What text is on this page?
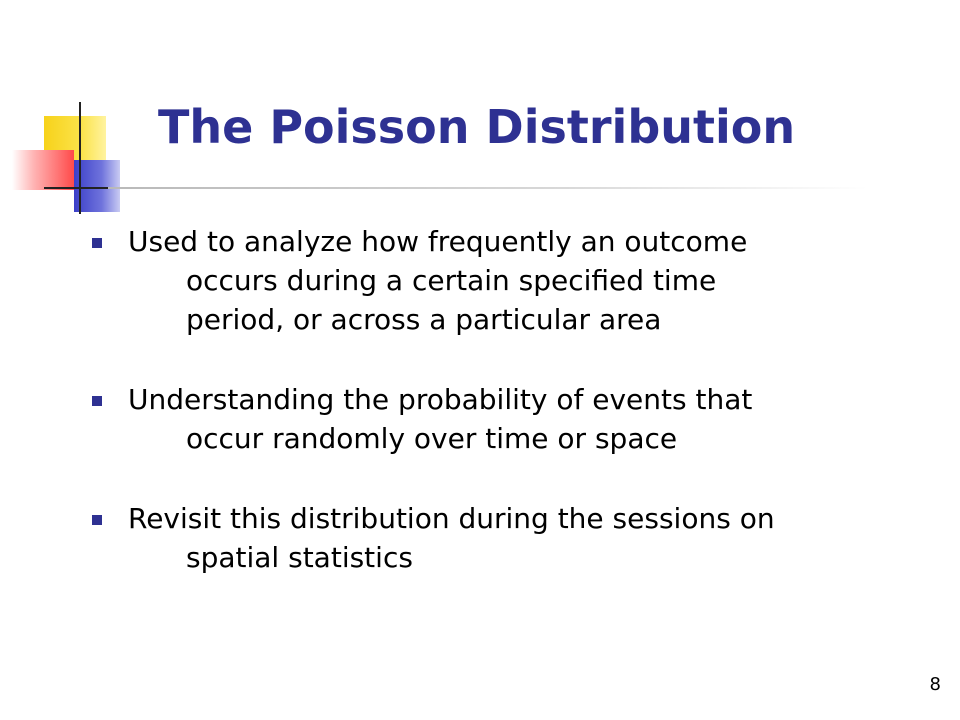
The Poisson Distribution
Used to analyze how frequently an outcome
occurs during a certain specified time
period, or across a particular area
Understanding the probability of events that
occur randomly over time or space
Revisit this distribution during the sessions on
spatial statistics
8
